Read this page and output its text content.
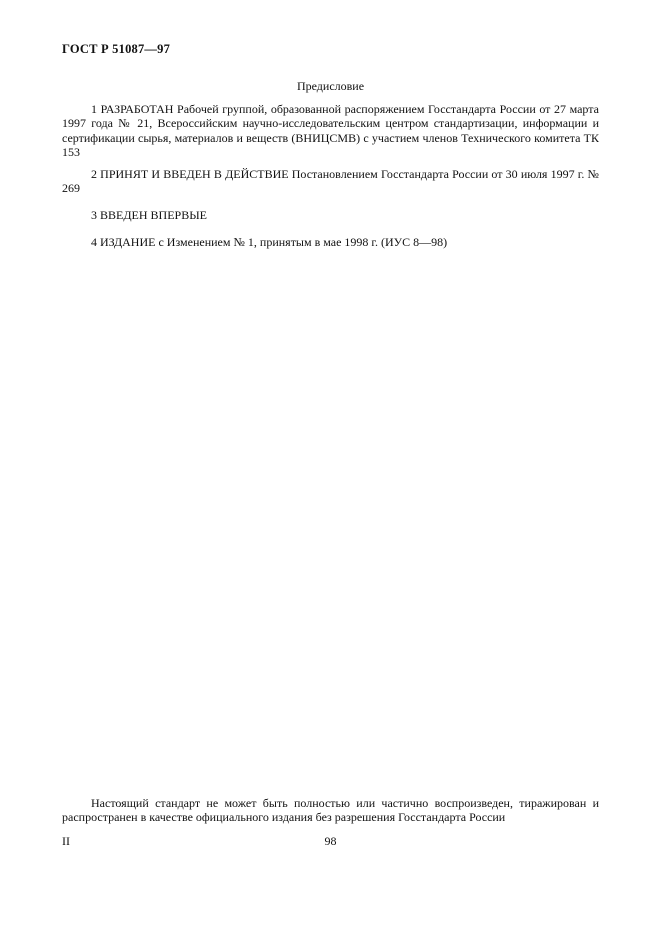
ГОСТ Р 51087—97
Предисловие

1 РАЗРАБОТАН Рабочей группой, образованной распоряжением Госстандарта России от 27 марта 1997 года № 21, Всероссийским научно-исследовательским центром стандартизации, информации и сертификации сырья, материалов и веществ (ВНИЦСМВ) с участием членов Технического комитета ТК 153

2 ПРИНЯТ И ВВЕДЕН В ДЕЙСТВИЕ Постановлением Госстандарта России от 30 июля 1997 г. № 269

3 ВВЕДЕН ВПЕРВЫЕ

4 ИЗДАНИЕ с Изменением № 1, принятым в мае 1998 г. (ИУС 8—98)

Настоящий стандарт не может быть полностью или частично воспроизведен, тиражирован и распространен в качестве официального издания без разрешения Госстандарта России

II	98
